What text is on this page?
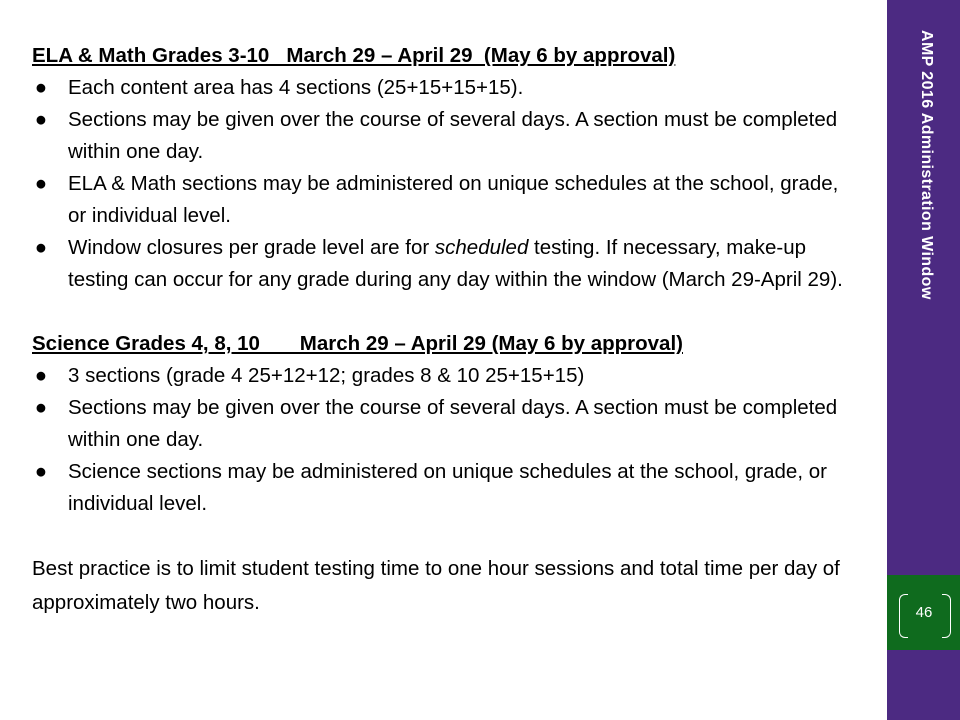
ELA & Math Grades 3-10   March 29 – April 29  (May 6 by approval)

● Each content area has 4 sections (25+15+15+15).
● Sections may be given over the course of several days. A section must be completed within one day.
● ELA & Math sections may be administered on unique schedules at the school, grade, or individual level.
● Window closures per grade level are for scheduled testing. If necessary, make-up testing can occur for any grade during any day within the window (March 29-April 29).

Science Grades 4, 8, 10       March 29 – April 29 (May 6 by approval)

● 3 sections (grade 4 25+12+12; grades 8 & 10 25+15+15)
● Sections may be given over the course of several days. A section must be completed within one day.
● Science sections may be administered on unique schedules at the school, grade, or individual level.

Best practice is to limit student testing time to one hour sessions and total time per day of approximately two hours.

AMP 2016 Administration Window
46
